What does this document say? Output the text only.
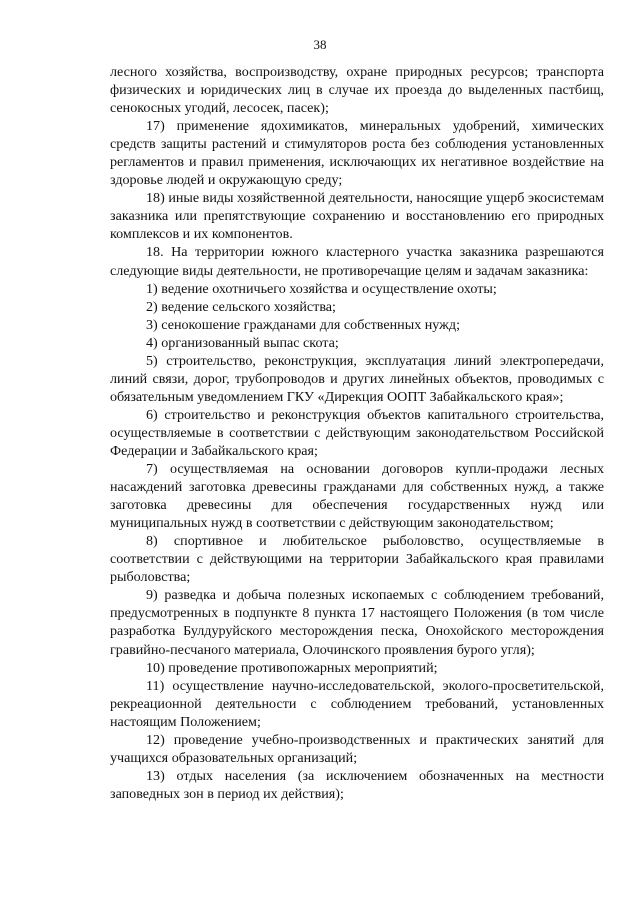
38

лесного хозяйства, воспроизводству, охране природных ресурсов; транспорта физических и юридических лиц в случае их проезда до выделенных пастбищ, сенокосных угодий, лесосек, пасек);

17) применение ядохимикатов, минеральных удобрений, химических средств защиты растений и стимуляторов роста без соблюдения установленных регламентов и правил применения, исключающих их негативное воздействие на здоровье людей и окружающую среду;

18) иные виды хозяйственной деятельности, наносящие ущерб экосистемам заказника или препятствующие сохранению и восстановлению его природных комплексов и их компонентов.

18. На территории южного кластерного участка заказника разрешаются следующие виды деятельности, не противоречащие целям и задачам заказника:

1) ведение охотничьего хозяйства и осуществление охоты;

2) ведение сельского хозяйства;

3) сенокошение гражданами для собственных нужд;

4) организованный выпас скота;

5) строительство, реконструкция, эксплуатация линий электропередачи, линий связи, дорог, трубопроводов и других линейных объектов, проводимых с обязательным уведомлением ГКУ «Дирекция ООПТ Забайкальского края»;

6) строительство и реконструкция объектов капитального строительства, осуществляемые в соответствии с действующим законодательством Российской Федерации и Забайкальского края;

7) осуществляемая на основании договоров купли-продажи лесных насаждений заготовка древесины гражданами для собственных нужд, а также заготовка древесины для обеспечения государственных нужд или муниципальных нужд в соответствии с действующим законодательством;

8) спортивное и любительское рыболовство, осуществляемые в соответствии с действующими на территории Забайкальского края правилами рыболовства;

9) разведка и добыча полезных ископаемых с соблюдением требований, предусмотренных в подпункте 8 пункта 17 настоящего Положения (в том числе разработка Булдуруйского месторождения песка, Онохойского месторождения гравийно-песчаного материала, Олочинского проявления бурого угля);

10) проведение противопожарных мероприятий;

11) осуществление научно-исследовательской, эколого-просветительской, рекреационной деятельности с соблюдением требований, установленных настоящим Положением;

12) проведение учебно-производственных и практических занятий для учащихся образовательных организаций;

13) отдых населения (за исключением обозначенных на местности заповедных зон в период их действия);
